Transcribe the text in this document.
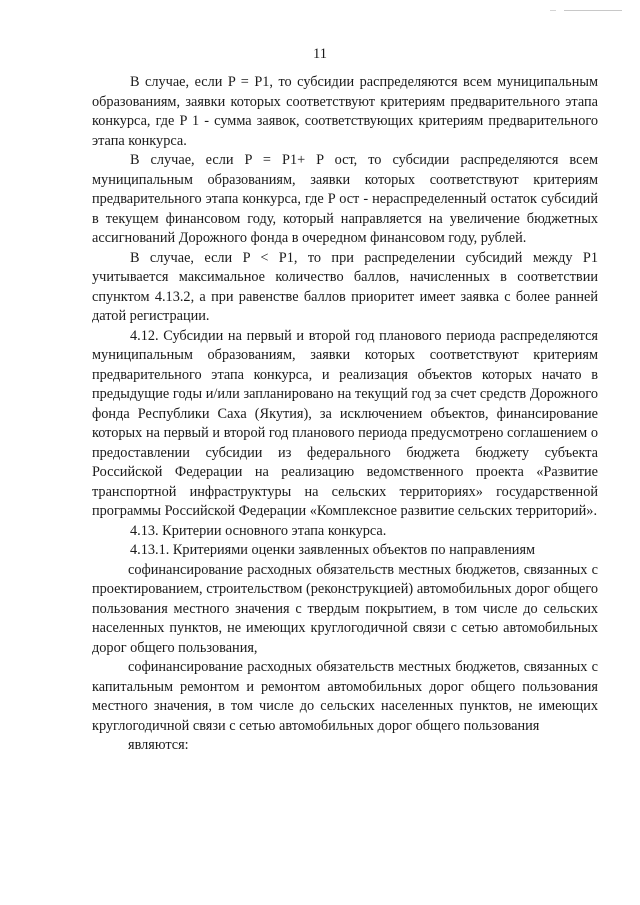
11

В случае, если P = P1, то субсидии распределяются всем муниципальным образованиям, заявки которых соответствуют критериям предварительного этапа конкурса, где P 1 - сумма заявок, соответствующих критериям предварительного этапа конкурса.

В случае, если P = P1+ P ост, то субсидии распределяются всем муниципальным образованиям, заявки которых соответствуют критериям предварительного этапа конкурса, где P ост - нераспределенный остаток субсидий в текущем финансовом году, который направляется на увеличение бюджетных ассигнований Дорожного фонда в очередном финансовом году, рублей.

В случае, если P < P1, то при распределении субсидий между P1 учитывается максимальное количество баллов, начисленных в соответствии спунктом 4.13.2, а при равенстве баллов приоритет имеет заявка с более ранней датой регистрации.

4.12. Субсидии на первый и второй год планового периода распределяются муниципальным образованиям, заявки которых соответствуют критериям предварительного этапа конкурса, и реализация объектов которых начато в предыдущие годы и/или запланировано на текущий год за счет средств Дорожного фонда Республики Саха (Якутия), за исключением объектов, финансирование которых на первый и второй год планового периода предусмотрено соглашением о предоставлении субсидии из федерального бюджета бюджету субъекта Российской Федерации на реализацию ведомственного проекта «Развитие транспортной инфраструктуры на сельских территориях» государственной программы Российской Федерации «Комплексное развитие сельских территорий».

4.13. Критерии основного этапа конкурса.

4.13.1. Критериями оценки заявленных объектов по направлениям

софинансирование расходных обязательств местных бюджетов, связанных с проектированием, строительством (реконструкцией) автомобильных дорог общего пользования местного значения с твердым покрытием, в том числе до сельских населенных пунктов, не имеющих круглогодичной связи с сетью автомобильных дорог общего пользования,

софинансирование расходных обязательств местных бюджетов, связанных с капитальным ремонтом и ремонтом автомобильных дорог общего пользования местного значения, в том числе до сельских населенных пунктов, не имеющих круглогодичной связи с сетью автомобильных дорог общего пользования

являются:
